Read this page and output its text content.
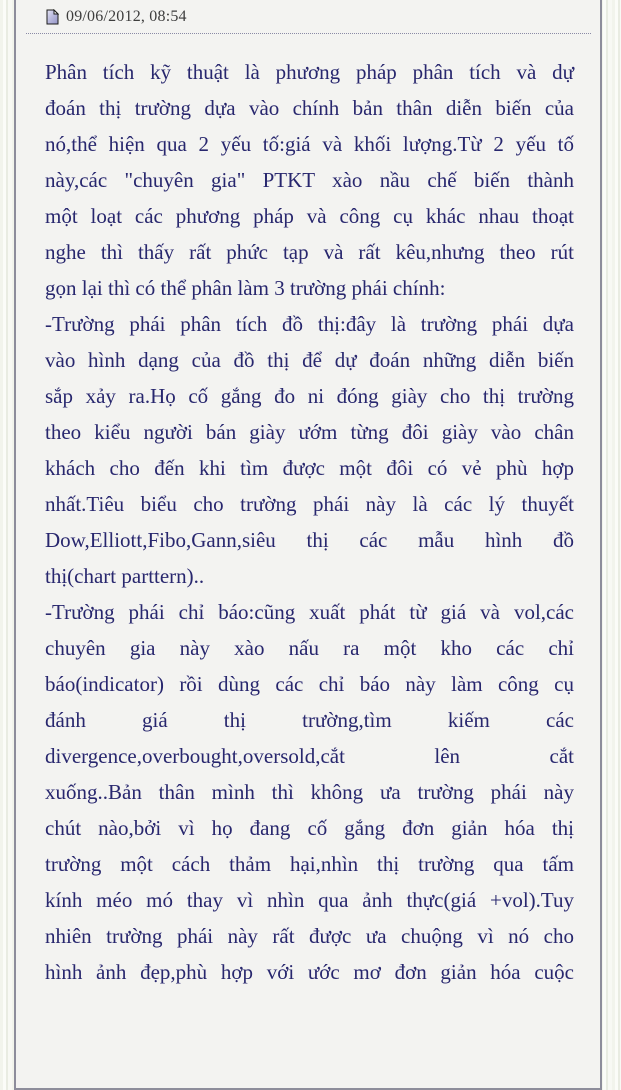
09/06/2012, 08:54
Phân tích kỹ thuật là phương pháp phân tích và dự
đoán thị trường dựa vào chính bản thân diễn biến của
nó,thể hiện qua 2 yếu tố:giá và khối lượng.Từ 2 yếu tố
này,các "chuyên gia" PTKT xào nầu chế biến thành
một loạt các phương pháp và công cụ khác nhau thoạt
nghe thì thấy rất phức tạp và rất kêu,nhưng theo rút
gọn lại thì có thể phân làm 3 trường phái chính:
-Trường phái phân tích đồ thị:đây là trường phái dựa
vào hình dạng của đồ thị để dự đoán những diễn biến
sắp xảy ra.Họ cố gắng đo ni đóng giày cho thị trường
theo kiểu người bán giày ướm từng đôi giày vào chân
khách cho đến khi tìm được một đôi có vẻ phù hợp
nhất.Tiêu biểu cho trường phái này là các lý thuyết
Dow,Elliott,Fibo,Gann,siêu thị các mẫu hình đồ
thị(chart parttern)..
-Trường phái chỉ báo:cũng xuất phát từ giá và vol,các
chuyên gia này xào nấu ra một kho các chỉ
báo(indicator) rồi dùng các chỉ báo này làm công cụ
đánh giá thị trường,tìm kiếm các
divergence,overbought,oversold,cắt lên cắt
xuống..Bản thân mình thì không ưa trường phái này
chút nào,bởi vì họ đang cố gắng đơn giản hóa thị
trường một cách thảm hại,nhìn thị trường qua tấm
kính méo mó thay vì nhìn qua ảnh thực(giá +vol).Tuy
nhiên trường phái này rất được ưa chuộng vì nó cho
hình ảnh đẹp,phù hợp với ước mơ đơn giản hóa cuộc
